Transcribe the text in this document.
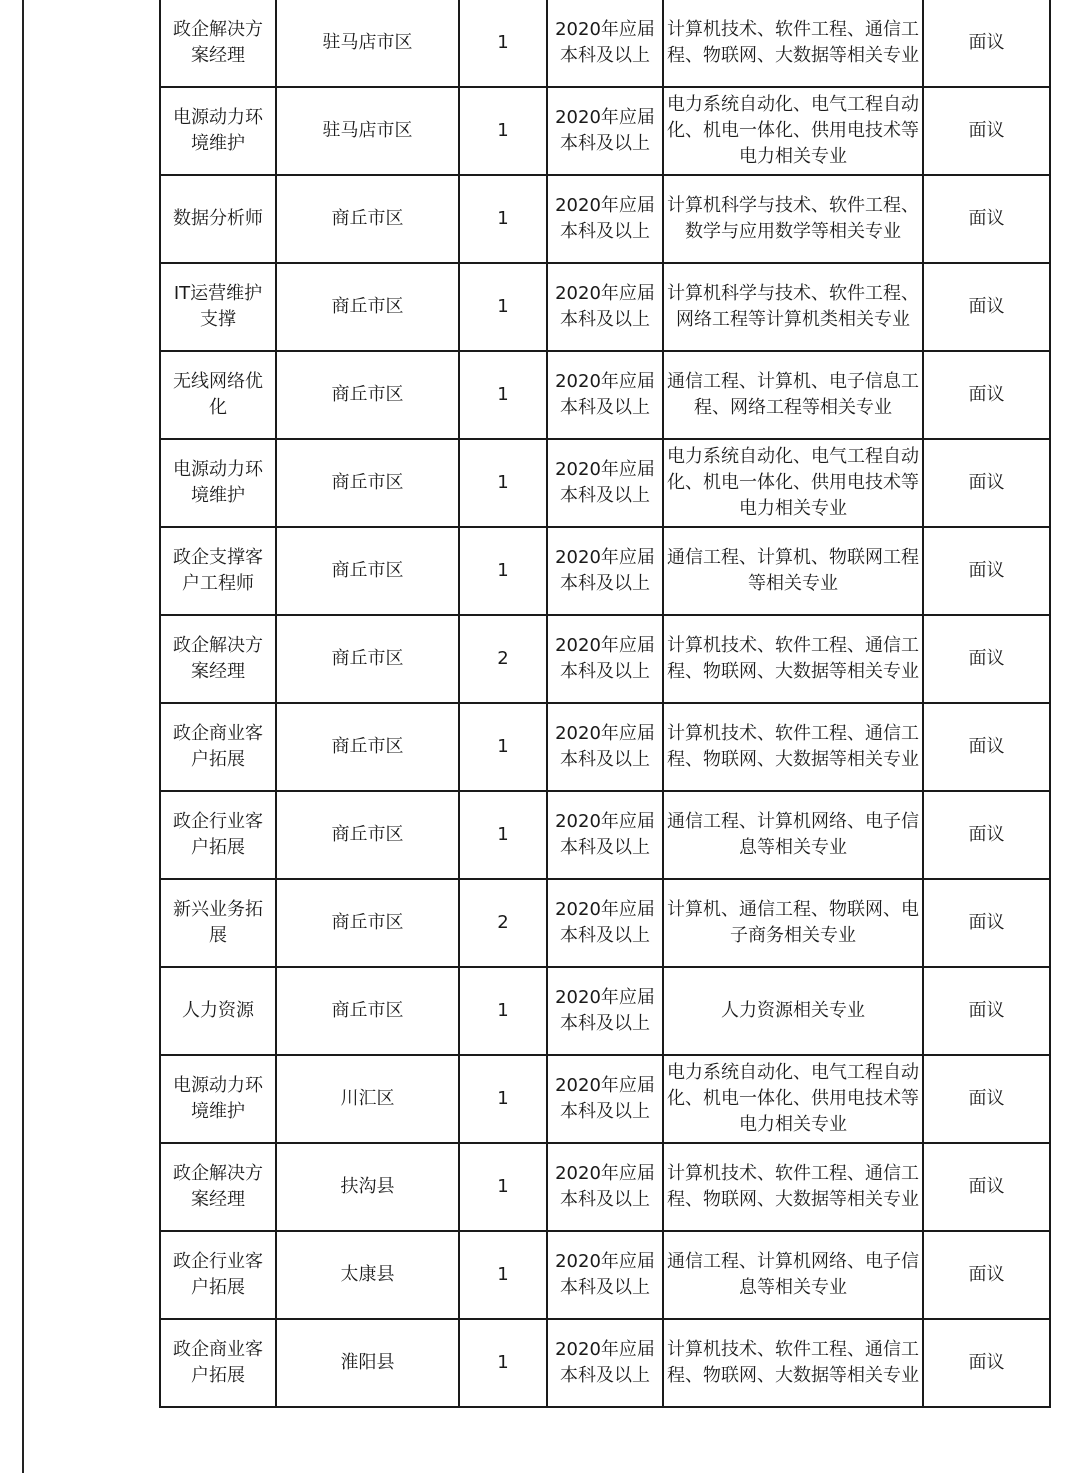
政企解决方案经理	驻马店市区	1	2020年应届本科及以上	计算机技术、软件工程、通信工程、物联网、大数据等相关专业	面议
电源动力环境维护	驻马店市区	1	2020年应届本科及以上	电力系统自动化、电气工程自动化、机电一体化、供用电技术等电力相关专业	面议
数据分析师	商丘市区	1	2020年应届本科及以上	计算机科学与技术、软件工程、数学与应用数学等相关专业	面议
IT运营维护支撑	商丘市区	1	2020年应届本科及以上	计算机科学与技术、软件工程、网络工程等计算机类相关专业	面议
无线网络优化	商丘市区	1	2020年应届本科及以上	通信工程、计算机、电子信息工程、网络工程等相关专业	面议
电源动力环境维护	商丘市区	1	2020年应届本科及以上	电力系统自动化、电气工程自动化、机电一体化、供用电技术等电力相关专业	面议
政企支撑客户工程师	商丘市区	1	2020年应届本科及以上	通信工程、计算机、物联网工程等相关专业	面议
政企解决方案经理	商丘市区	2	2020年应届本科及以上	计算机技术、软件工程、通信工程、物联网、大数据等相关专业	面议
政企商业客户拓展	商丘市区	1	2020年应届本科及以上	计算机技术、软件工程、通信工程、物联网、大数据等相关专业	面议
政企行业客户拓展	商丘市区	1	2020年应届本科及以上	通信工程、计算机网络、电子信息等相关专业	面议
新兴业务拓展	商丘市区	2	2020年应届本科及以上	计算机、通信工程、物联网、电子商务相关专业	面议
人力资源	商丘市区	1	2020年应届本科及以上	人力资源相关专业	面议
电源动力环境维护	川汇区	1	2020年应届本科及以上	电力系统自动化、电气工程自动化、机电一体化、供用电技术等电力相关专业	面议
政企解决方案经理	扶沟县	1	2020年应届本科及以上	计算机技术、软件工程、通信工程、物联网、大数据等相关专业	面议
政企行业客户拓展	太康县	1	2020年应届本科及以上	通信工程、计算机网络、电子信息等相关专业	面议
政企商业客户拓展	淮阳县	1	2020年应届本科及以上	计算机技术、软件工程、通信工程、物联网、大数据等相关专业	面议
